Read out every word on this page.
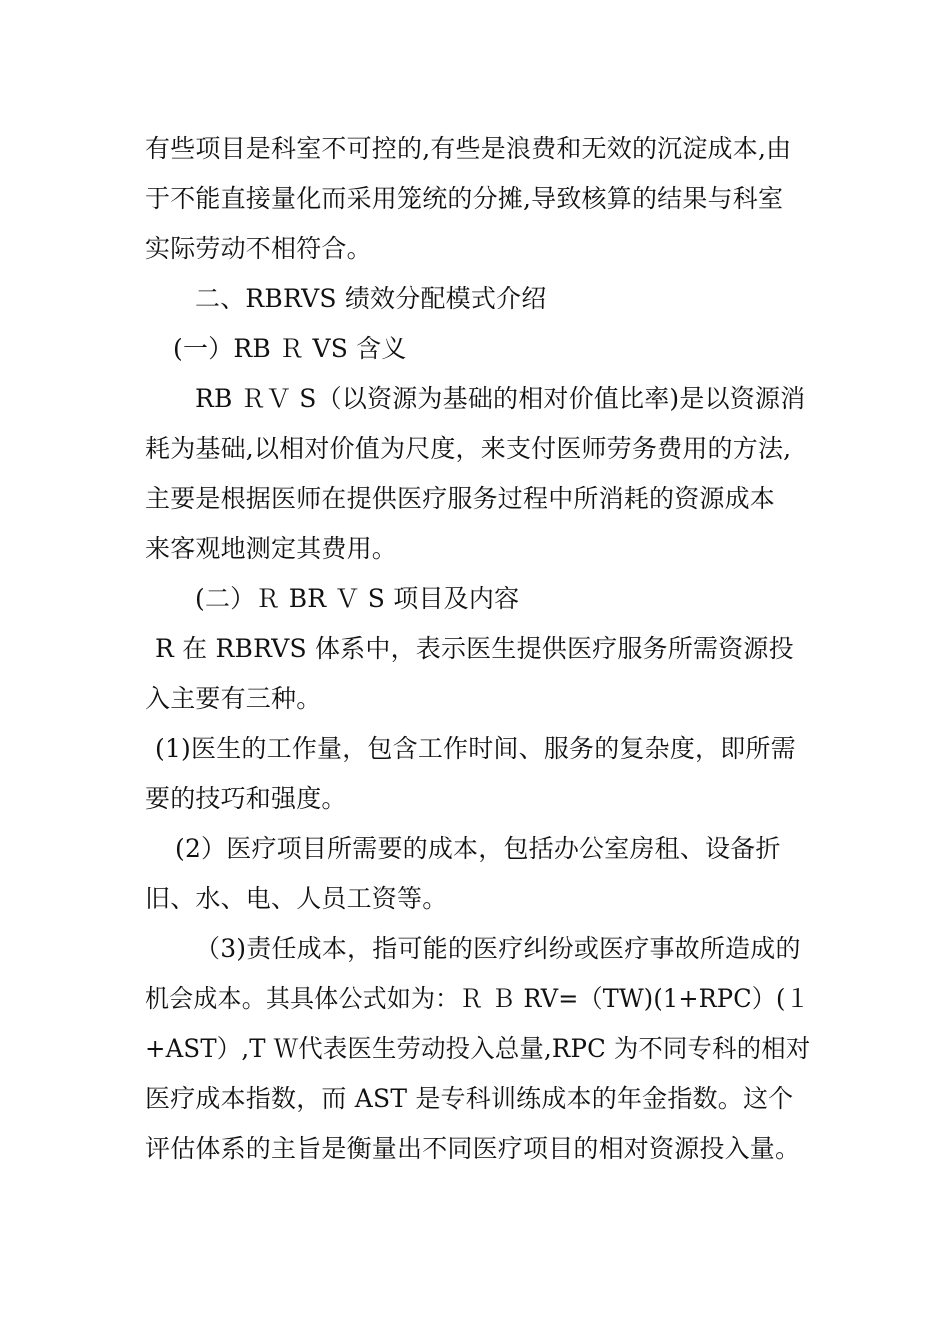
有些项目是科室不可控的,有些是浪费和无效的沉淀成本,由
于不能直接量化而采用笼统的分摊,导致核算的结果与科室
实际劳动不相符合。
二、RBRVS 绩效分配模式介绍
(一）RB Ｒ VS 含义
RB ＲＶ S（以资源为基础的相对价值比率)是以资源消
耗为基础,以相对价值为尺度，来支付医师劳务费用的方法,
主要是根据医师在提供医疗服务过程中所消耗的资源成本
来客观地测定其费用。
(二）Ｒ BR Ｖ S 项目及内容
R 在 RBRVS 体系中，表示医生提供医疗服务所需资源投
入主要有三种。
(1)医生的工作量，包含工作时间、服务的复杂度，即所需
要的技巧和强度。
(2）医疗项目所需要的成本，包括办公室房租、设备折
旧、水、电、人员工资等。
（3)责任成本，指可能的医疗纠纷或医疗事故所造成的
机会成本。其具体公式如为：Ｒ Ｂ RV=（TW)(1+RPC）(１
+AST）,T Ｗ代表医生劳动投入总量,RPC 为不同专科的相对
医疗成本指数，而 AST 是专科训练成本的年金指数。这个
评估体系的主旨是衡量出不同医疗项目的相对资源投入量。
